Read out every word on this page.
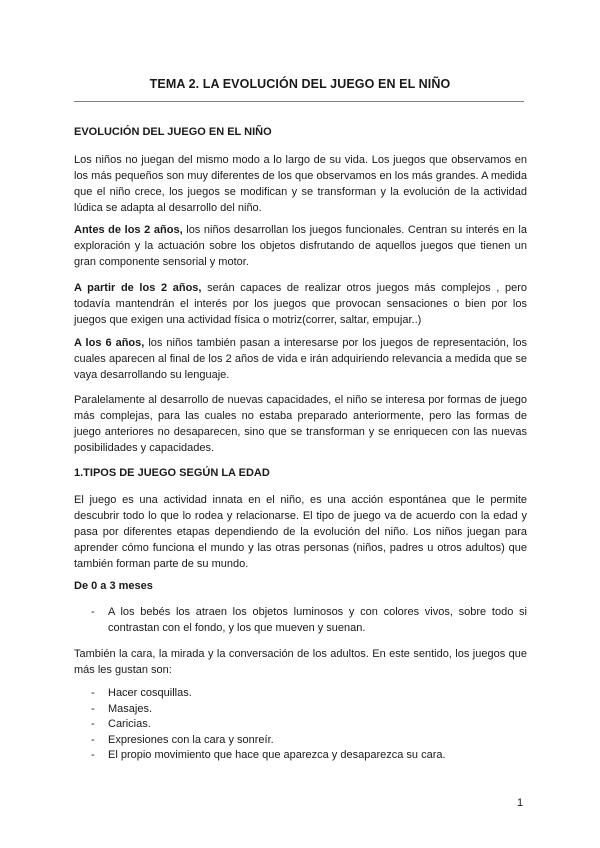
TEMA 2. LA EVOLUCIÓN DEL JUEGO EN EL NIÑO
EVOLUCIÓN DEL JUEGO EN EL NIÑO
Los niños no juegan del mismo modo a lo largo de su vida. Los juegos que observamos en los más pequeños son muy diferentes de los que observamos en los más grandes. A medida que el niño crece, los juegos se modifican y se transforman y la evolución de la actividad lúdica se adapta al desarrollo del niño.
Antes de los 2 años, los niños desarrollan los juegos funcionales. Centran su interés en la exploración y la actuación sobre los objetos disfrutando de aquellos juegos que tienen un gran componente sensorial y motor.
A partir de los 2 años, serán capaces de realizar otros juegos más complejos , pero todavía mantendrán el interés por los juegos que provocan sensaciones o bien por los juegos que exigen una actividad física o motriz(correr, saltar, empujar..)
A los 6 años, los niños también pasan a interesarse por los juegos de representación, los cuales aparecen al final de los 2 años de vida e irán adquiriendo relevancia a medida que se vaya desarrollando su lenguaje.
Paralelamente al desarrollo de nuevas capacidades, el niño se interesa por formas de juego más complejas, para las cuales no estaba preparado anteriormente, pero las formas de juego anteriores no desaparecen, sino que se transforman y se enriquecen con las nuevas posibilidades y capacidades.
1.TIPOS DE JUEGO SEGÚN LA EDAD
El juego es una actividad innata en el niño, es una acción espontánea que le permite descubrir todo lo que lo rodea y relacionarse. El tipo de juego va de acuerdo con la edad y pasa por diferentes etapas dependiendo de la evolución del niño. Los niños juegan para aprender cómo funciona el mundo y las otras personas (niños, padres u otros adultos) que también forman parte de su mundo.
De 0 a 3 meses
- A los bebés los atraen los objetos luminosos y con colores vivos, sobre todo si contrastan con el fondo, y los que mueven y suenan.
También la cara, la mirada y la conversación de los adultos. En este sentido, los juegos que más les gustan son:
- Hacer cosquillas.
- Masajes.
- Caricias.
- Expresiones con la cara y sonreír.
- El propio movimiento que hace que aparezca y desaparezca su cara.
1
